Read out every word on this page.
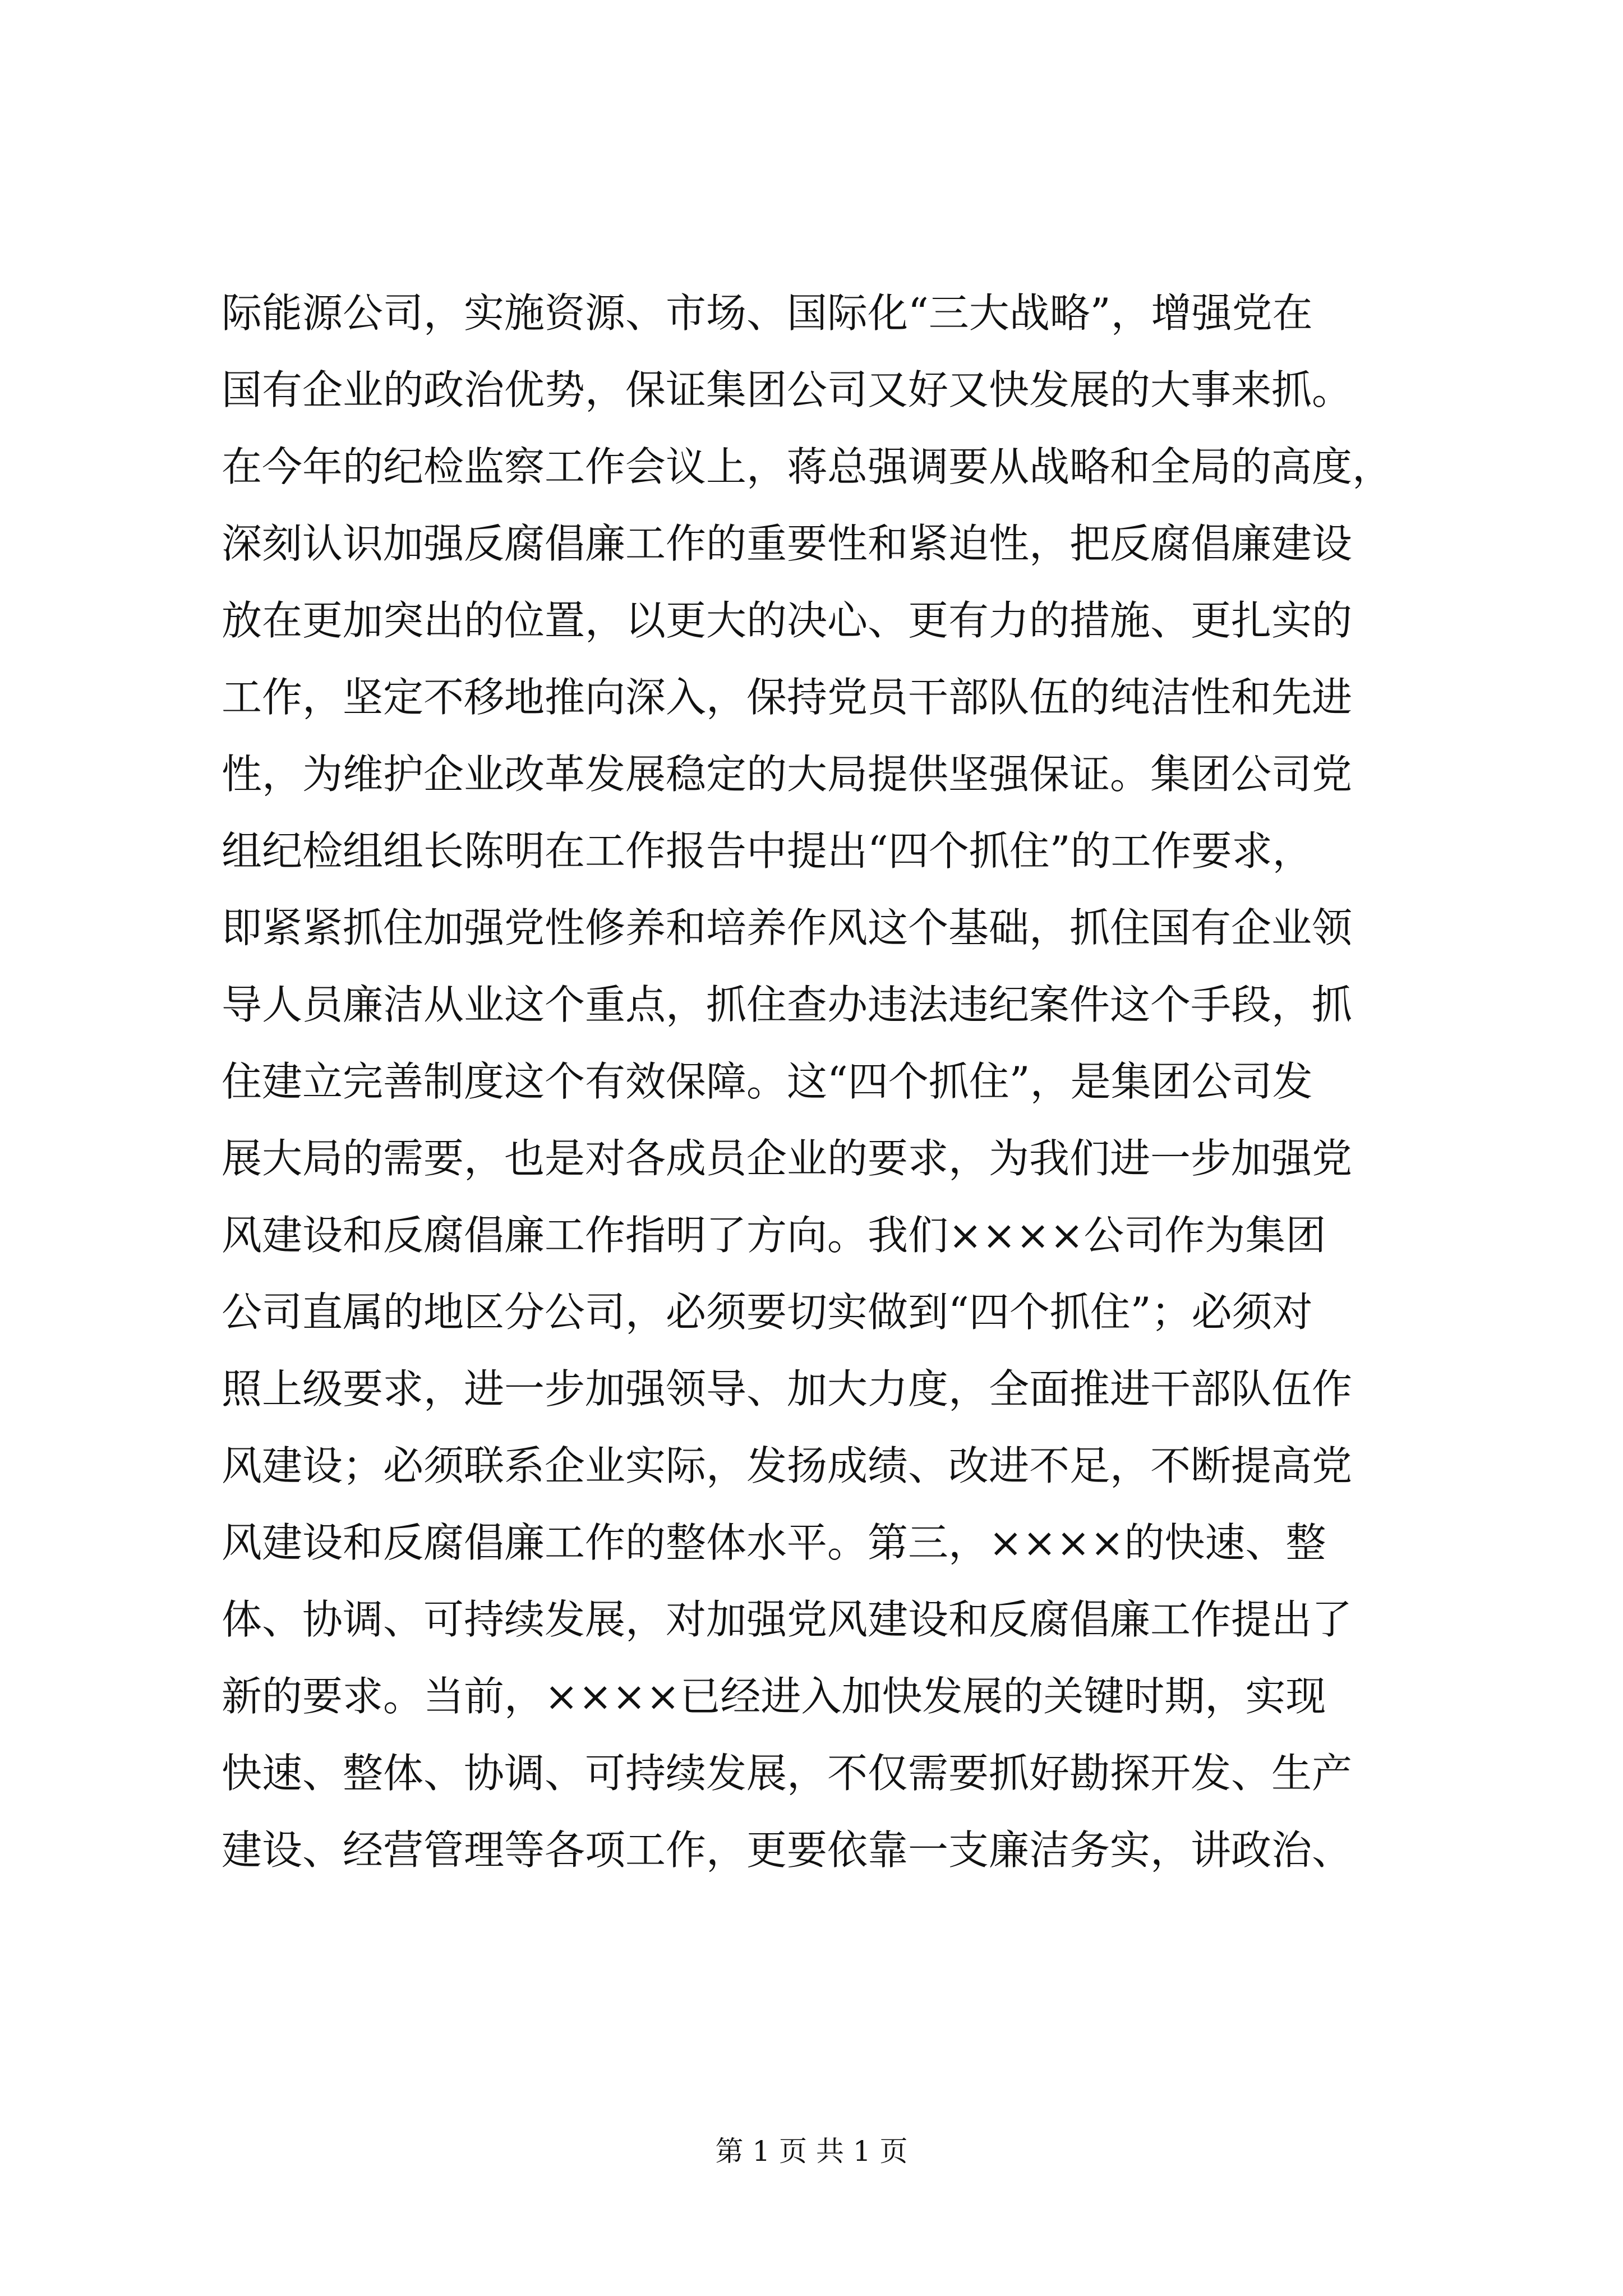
际能源公司，实施资源、市场、国际化“三大战略”，增强党在
国有企业的政治优势，保证集团公司又好又快发展的大事来抓。
在今年的纪检监察工作会议上，蒋总强调要从战略和全局的高度，
深刻认识加强反腐倡廉工作的重要性和紧迫性，把反腐倡廉建设
放在更加突出的位置，以更大的决心、更有力的措施、更扎实的
工作，坚定不移地推向深入，保持党员干部队伍的纯洁性和先进
性，为维护企业改革发展稳定的大局提供坚强保证。集团公司党
组纪检组组长陈明在工作报告中提出“四个抓住”的工作要求，
即紧紧抓住加强党性修养和培养作风这个基础，抓住国有企业领
导人员廉洁从业这个重点，抓住查办违法违纪案件这个手段，抓
住建立完善制度这个有效保障。这“四个抓住”，是集团公司发
展大局的需要，也是对各成员企业的要求，为我们进一步加强党
风建设和反腐倡廉工作指明了方向。我们××××公司作为集团
公司直属的地区分公司，必须要切实做到“四个抓住”；必须对
照上级要求，进一步加强领导、加大力度，全面推进干部队伍作
风建设；必须联系企业实际，发扬成绩、改进不足，不断提高党
风建设和反腐倡廉工作的整体水平。第三，××××的快速、整
体、协调、可持续发展，对加强党风建设和反腐倡廉工作提出了
新的要求。当前，××××已经进入加快发展的关键时期，实现
快速、整体、协调、可持续发展，不仅需要抓好勘探开发、生产
建设、经营管理等各项工作，更要依靠一支廉洁务实，讲政治、
第 1 页 共 1 页
